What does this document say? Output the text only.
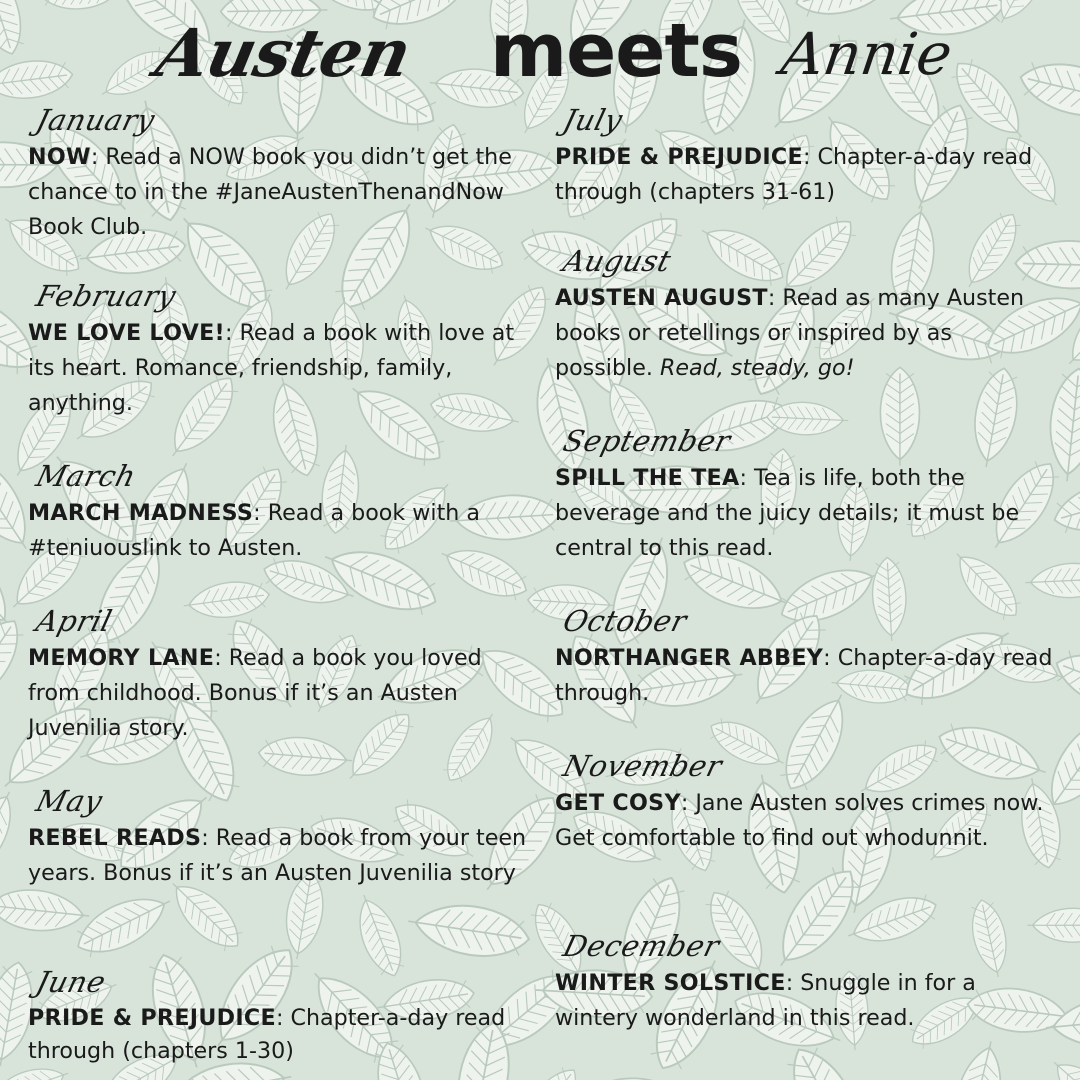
Austen meets Annie
January

NOW: Read a NOW book you didn’t get the chance to in the #JaneAustenThenandNow Book Club.

February

WE LOVE LOVE!: Read a book with love at its heart. Romance, friendship, family, anything.

March

MARCH MADNESS: Read a book with a #teniuouslink to Austen.

April

MEMORY LANE: Read a book you loved from childhood. Bonus if it’s an Austen Juvenilia story.

May

REBEL READS: Read a book from your teen years. Bonus if it’s an Austen Juvenilia story

June

PRIDE & PREJUDICE: Chapter-a-day read through (chapters 1-30)

July

PRIDE & PREJUDICE: Chapter-a-day read through (chapters 31-61)

August

AUSTEN AUGUST: Read as many Austen books or retellings or inspired by as possible. Read, steady, go!

September

SPILL THE TEA: Tea is life, both the beverage and the juicy details; it must be central to this read.

October

NORTHANGER ABBEY: Chapter-a-day read through.

November

GET COSY: Jane Austen solves crimes now. Get comfortable to find out whodunnit.

December

WINTER SOLSTICE: Snuggle in for a wintery wonderland in this read.
